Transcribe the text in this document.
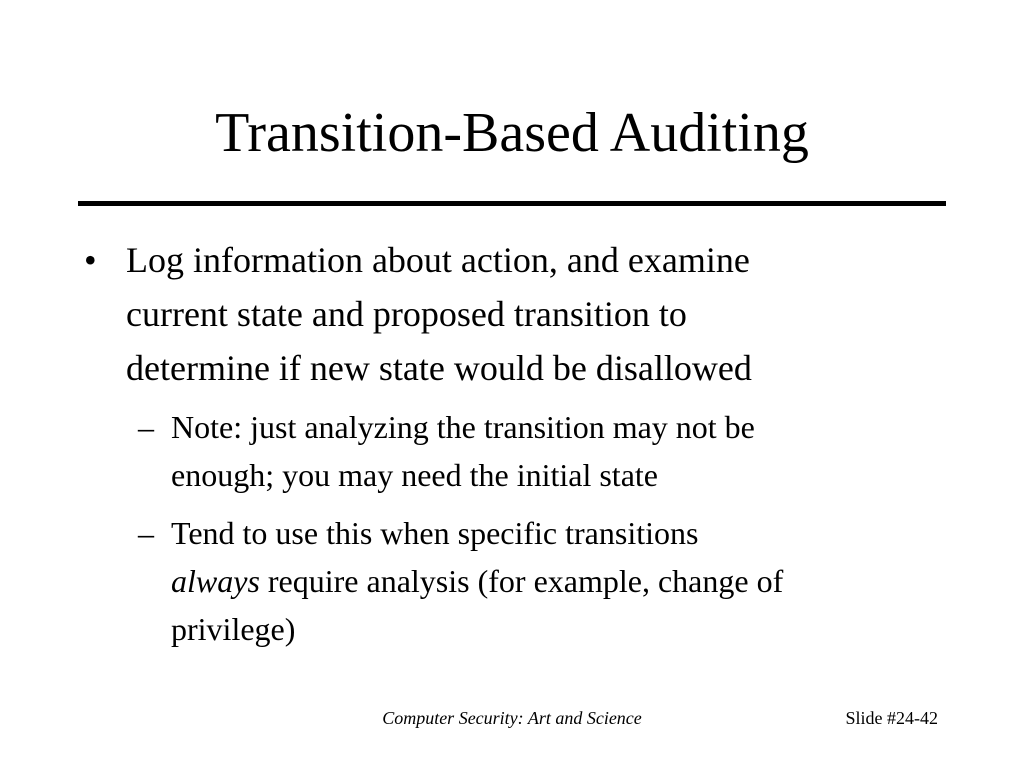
Transition-Based Auditing
• Log information about action, and examine
current state and proposed transition to
determine if new state would be disallowed
– Note: just analyzing the transition may not be
enough; you may need the initial state
– Tend to use this when specific transitions
always require analysis (for example, change of
privilege)
Computer Security: Art and Science	Slide #24-42
